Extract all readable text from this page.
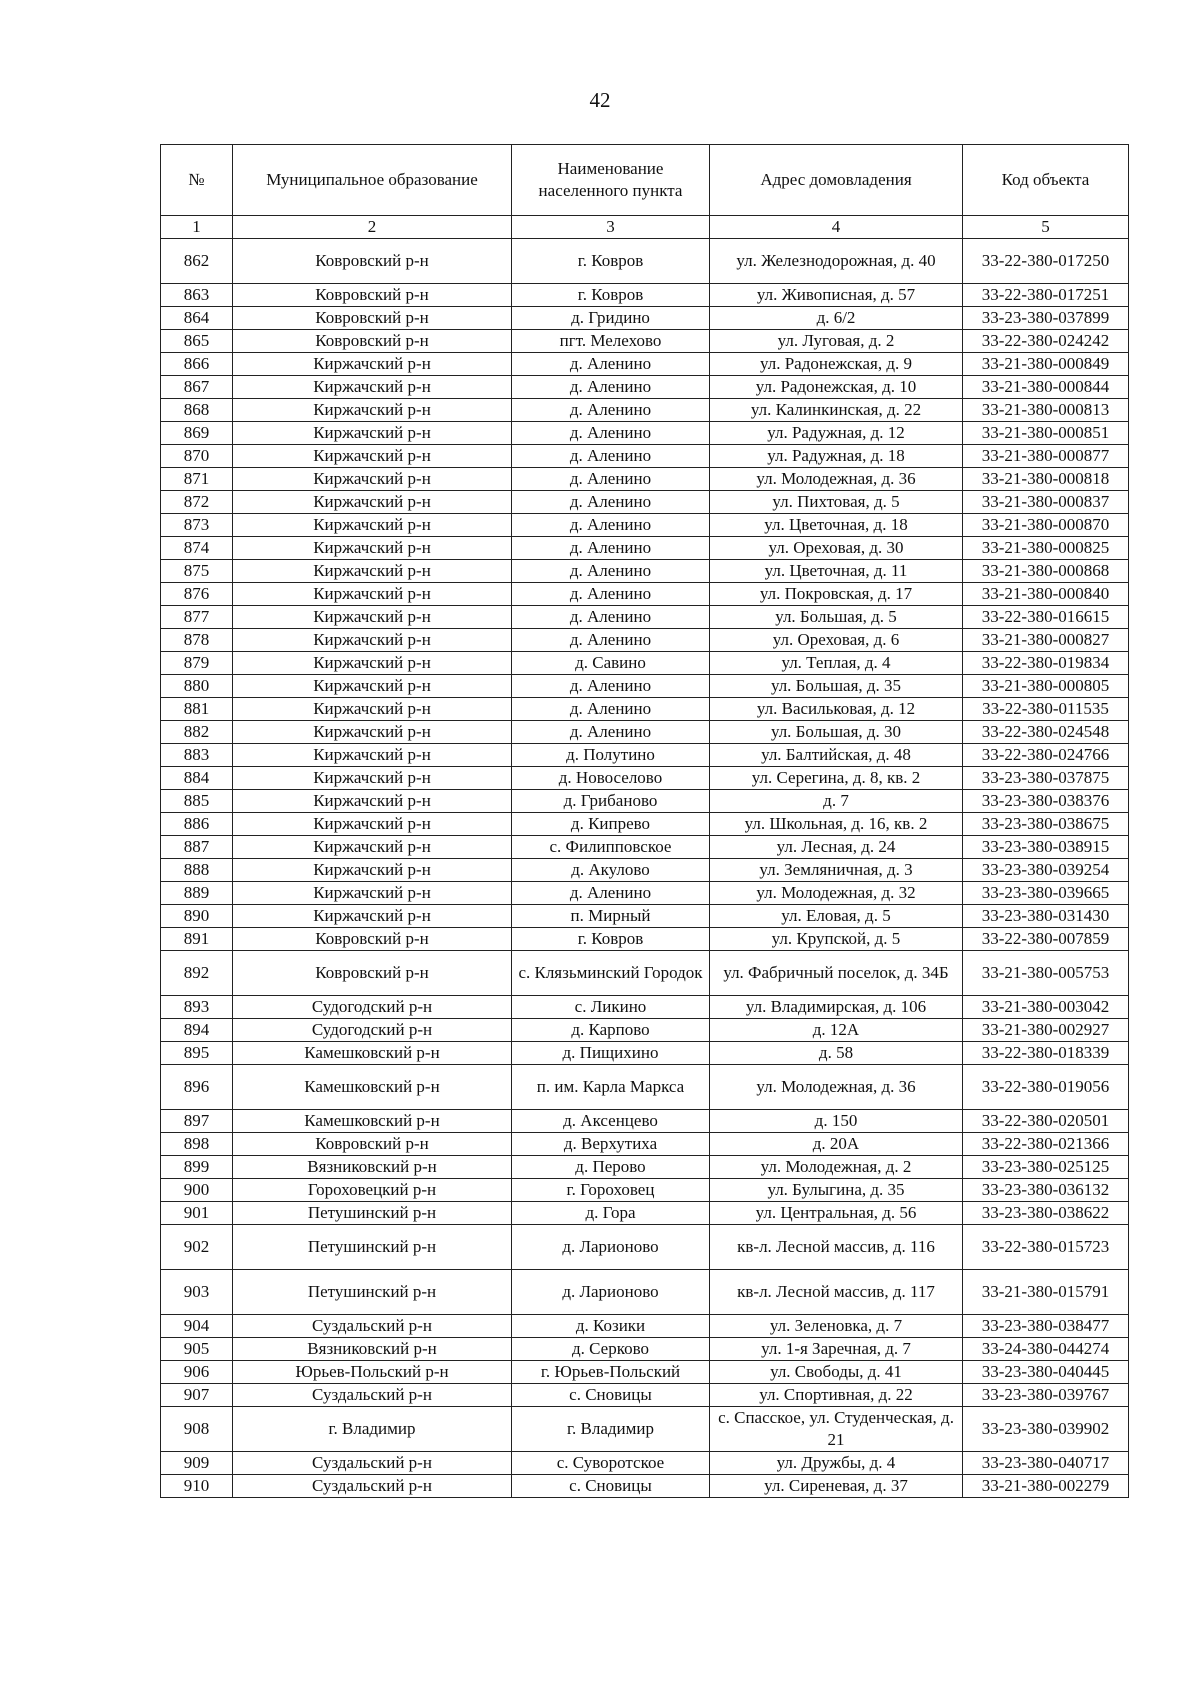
42
№	Муниципальное образование	Наименование населенного пункта	Адрес домовладения	Код объекта
1	2	3	4	5
862	Ковровский р-н	г. Ковров	ул. Железнодорожная, д. 40	33-22-380-017250
863	Ковровский р-н	г. Ковров	ул. Живописная, д. 57	33-22-380-017251
864	Ковровский р-н	д. Гридино	д. 6/2	33-23-380-037899
865	Ковровский р-н	пгт. Мелехово	ул. Луговая, д. 2	33-22-380-024242
866	Киржачский р-н	д. Аленино	ул. Радонежская, д. 9	33-21-380-000849
867	Киржачский р-н	д. Аленино	ул. Радонежская, д. 10	33-21-380-000844
868	Киржачский р-н	д. Аленино	ул. Калинкинская, д. 22	33-21-380-000813
869	Киржачский р-н	д. Аленино	ул. Радужная, д. 12	33-21-380-000851
870	Киржачский р-н	д. Аленино	ул. Радужная, д. 18	33-21-380-000877
871	Киржачский р-н	д. Аленино	ул. Молодежная, д. 36	33-21-380-000818
872	Киржачский р-н	д. Аленино	ул. Пихтовая, д. 5	33-21-380-000837
873	Киржачский р-н	д. Аленино	ул. Цветочная, д. 18	33-21-380-000870
874	Киржачский р-н	д. Аленино	ул. Ореховая, д. 30	33-21-380-000825
875	Киржачский р-н	д. Аленино	ул. Цветочная, д. 11	33-21-380-000868
876	Киржачский р-н	д. Аленино	ул. Покровская, д. 17	33-21-380-000840
877	Киржачский р-н	д. Аленино	ул. Большая, д. 5	33-22-380-016615
878	Киржачский р-н	д. Аленино	ул. Ореховая, д. 6	33-21-380-000827
879	Киржачский р-н	д. Савино	ул. Теплая, д. 4	33-22-380-019834
880	Киржачский р-н	д. Аленино	ул. Большая, д. 35	33-21-380-000805
881	Киржачский р-н	д. Аленино	ул. Васильковая, д. 12	33-22-380-011535
882	Киржачский р-н	д. Аленино	ул. Большая, д. 30	33-22-380-024548
883	Киржачский р-н	д. Полутино	ул. Балтийская, д. 48	33-22-380-024766
884	Киржачский р-н	д. Новоселово	ул. Серегина, д. 8, кв. 2	33-23-380-037875
885	Киржачский р-н	д. Грибаново	д. 7	33-23-380-038376
886	Киржачский р-н	д. Кипрево	ул. Школьная, д. 16, кв. 2	33-23-380-038675
887	Киржачский р-н	с. Филипповское	ул. Лесная, д. 24	33-23-380-038915
888	Киржачский р-н	д. Акулово	ул. Земляничная, д. 3	33-23-380-039254
889	Киржачский р-н	д. Аленино	ул. Молодежная, д. 32	33-23-380-039665
890	Киржачский р-н	п. Мирный	ул. Еловая, д. 5	33-23-380-031430
891	Ковровский р-н	г. Ковров	ул. Крупской, д. 5	33-22-380-007859
892	Ковровский р-н	с. Клязьминский Городок	ул. Фабричный поселок, д. 34Б	33-21-380-005753
893	Судогодский р-н	с. Ликино	ул. Владимирская, д. 106	33-21-380-003042
894	Судогодский р-н	д. Карпово	д. 12А	33-21-380-002927
895	Камешковский р-н	д. Пищихино	д. 58	33-22-380-018339
896	Камешковский р-н	п. им. Карла Маркса	ул. Молодежная, д. 36	33-22-380-019056
897	Камешковский р-н	д. Аксенцево	д. 150	33-22-380-020501
898	Ковровский р-н	д. Верхутиха	д. 20А	33-22-380-021366
899	Вязниковский р-н	д. Перово	ул. Молодежная, д. 2	33-23-380-025125
900	Гороховецкий р-н	г. Гороховец	ул. Булыгина, д. 35	33-23-380-036132
901	Петушинский р-н	д. Гора	ул. Центральная, д. 56	33-23-380-038622
902	Петушинский р-н	д. Ларионово	кв-л. Лесной массив, д. 116	33-22-380-015723
903	Петушинский р-н	д. Ларионово	кв-л. Лесной массив, д. 117	33-21-380-015791
904	Суздальский р-н	д. Козики	ул. Зеленовка, д. 7	33-23-380-038477
905	Вязниковский р-н	д. Серково	ул. 1-я Заречная, д. 7	33-24-380-044274
906	Юрьев-Польский р-н	г. Юрьев-Польский	ул. Свободы, д. 41	33-23-380-040445
907	Суздальский р-н	с. Сновицы	ул. Спортивная, д. 22	33-23-380-039767
908	г. Владимир	г. Владимир	с. Спасское, ул. Студенческая, д. 21	33-23-380-039902
909	Суздальский р-н	с. Суворотское	ул. Дружбы, д. 4	33-23-380-040717
910	Суздальский р-н	с. Сновицы	ул. Сиреневая, д. 37	33-21-380-002279
